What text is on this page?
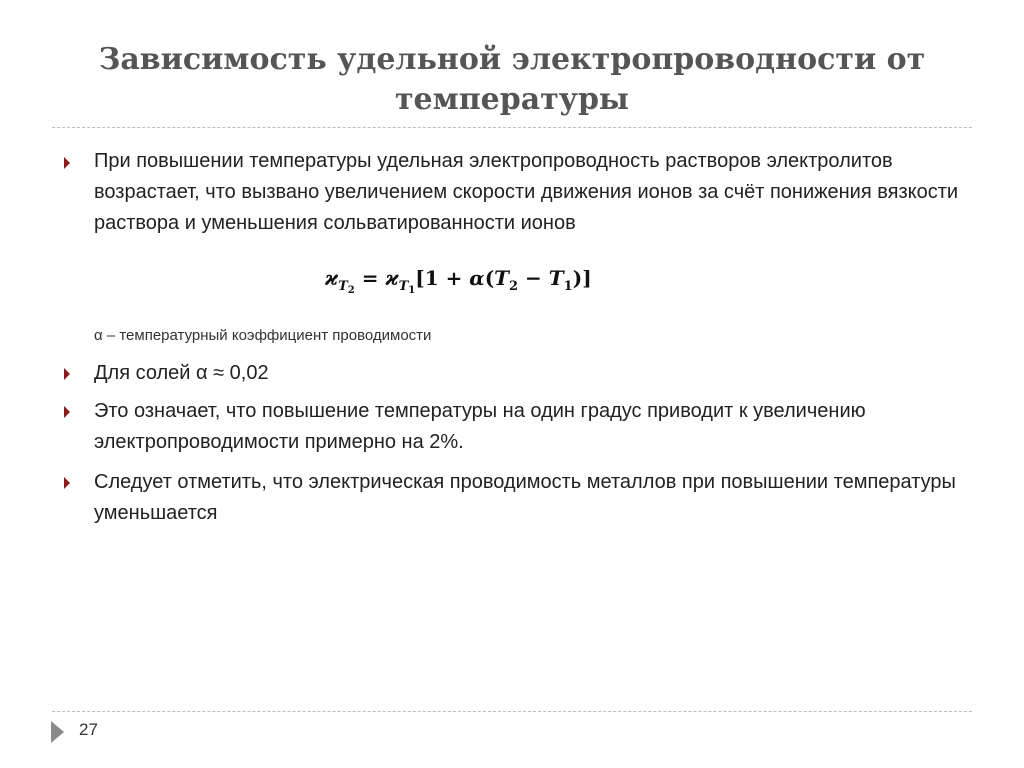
Зависимость удельной электропроводности от
температуры

При повышении температуры удельная электропроводность растворов электролитов возрастает, что вызвано увеличением скорости движения ионов за счёт понижения вязкости раствора и уменьшения сольватированности ионов

$ϰ_{T_2} = ϰ_{T_1}[1 + \alpha(T_2 - T_1)]$
α – температурный коэффициент проводимости

Для солей α ≈ 0,02

Это означает, что повышение температуры на один градус приводит к увеличению электропроводимости примерно на 2%.

Следует отметить, что электрическая проводимость металлов при повышении температуры уменьшается

27
